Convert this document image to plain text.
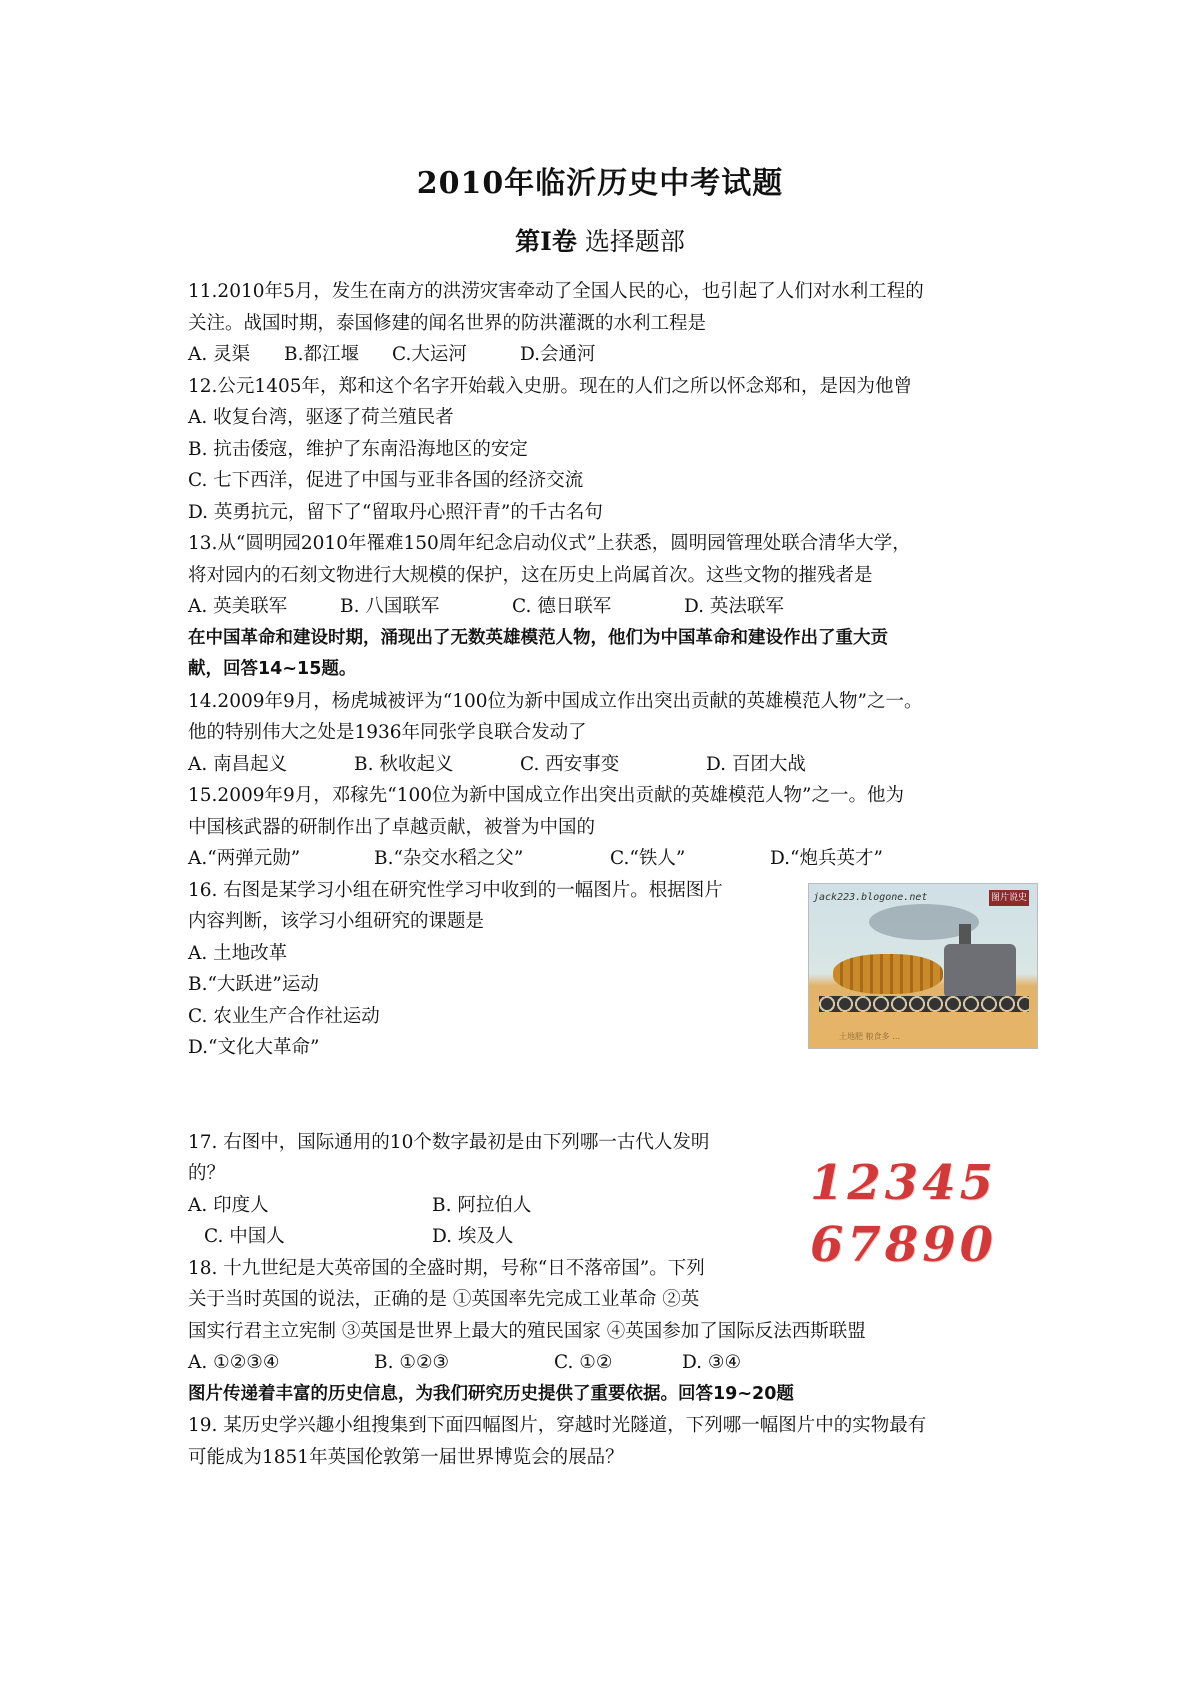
2010年临沂历史中考试题
第Ⅰ卷 选择题部
11.2010年5月，发生在南方的洪涝灾害牵动了全国人民的心，也引起了人们对水利工程的
关注。战国时期，泰国修建的闻名世界的防洪灌溉的水利工程是
A. 灵渠 B.都江堰 C.大运河	D.会通河
12.公元1405年，郑和这个名字开始载入史册。现在的人们之所以怀念郑和，是因为他曾
A. 收复台湾，驱逐了荷兰殖民者
B. 抗击倭寇，维护了东南沿海地区的安定
C. 七下西洋，促进了中国与亚非各国的经济交流
D. 英勇抗元，留下了“留取丹心照汗青”的千古名句
13.从“圆明园2010年罹难150周年纪念启动仪式”上获悉，圆明园管理处联合清华大学，
将对园内的石刻文物进行大规模的保护，这在历史上尚属首次。这些文物的摧残者是
A. 英美联军	B. 八国联军	C. 德日联军	D. 英法联军
在中国革命和建设时期，涌现出了无数英雄模范人物，他们为中国革命和建设作出了重大贡
献，回答14~15题。
14.2009年9月，杨虎城被评为“100位为新中国成立作出突出贡献的英雄模范人物”之一。
他的特别伟大之处是1936年同张学良联合发动了
A. 南昌起义	B. 秋收起义	C. 西安事变	D. 百团大战
15.2009年9月，邓稼先“100位为新中国成立作出突出贡献的英雄模范人物”之一。他为
中国核武器的研制作出了卓越贡献，被誉为中国的
A.“两弹元勋”	B.“杂交水稻之父”	C.“铁人”	D.“炮兵英才”
16. 右图是某学习小组在研究性学习中收到的一幅图片。根据图片
内容判断，该学习小组研究的课题是
A. 土地改革
B.“大跃进”运动
C. 农业生产合作社运动
D.“文化大革命”
17. 右图中，国际通用的10个数字最初是由下列哪一古代人发明
的？
A. 印度人	B. 阿拉伯人
C. 中国人	D. 埃及人
18. 十九世纪是大英帝国的全盛时期，号称“日不落帝国”。下列
关于当时英国的说法，正确的是 ①英国率先完成工业革命 ②英
国实行君主立宪制 ③英国是世界上最大的殖民国家 ④英国参加了国际反法西斯联盟
A. ①②③④	B. ①②③	C. ①②	D. ③④
图片传递着丰富的历史信息，为我们研究历史提供了重要依据。回答19~20题
19. 某历史学兴趣小组搜集到下面四幅图片，穿越时光隧道，下列哪一幅图片中的实物最有
可能成为1851年英国伦敦第一届世界博览会的展品？
jack223.blogone.net	图片说史
土地肥 粮食多 …
12345
67890
